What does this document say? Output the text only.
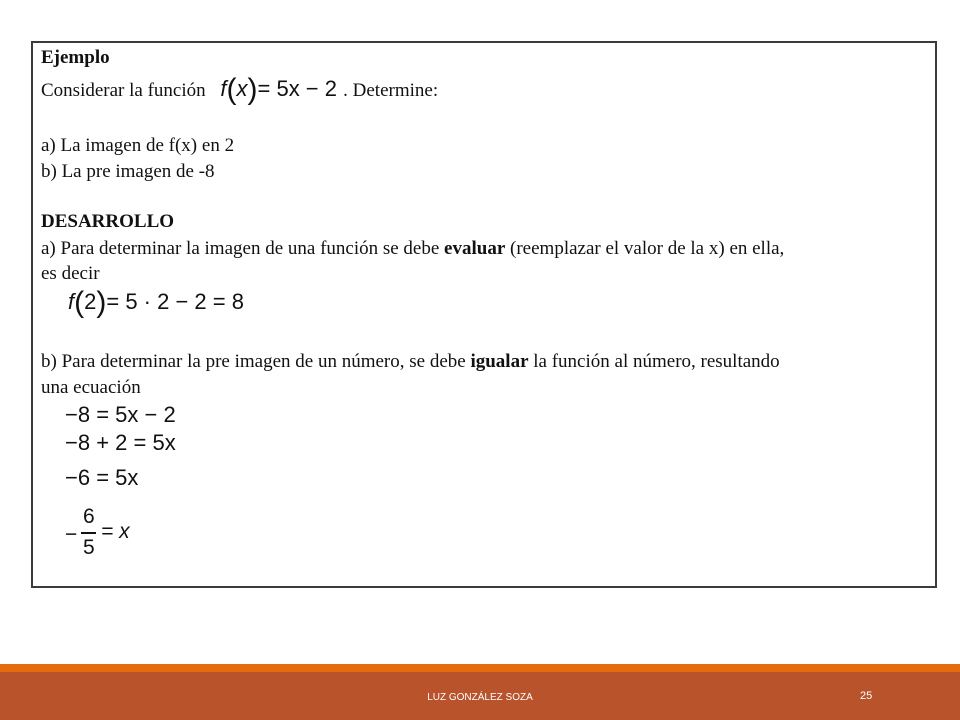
Ejemplo
Considerar la función f(x)= 5x − 2 . Determine:
a) La imagen de f(x) en 2
b) La pre imagen de -8
DESARROLLO
a) Para determinar la imagen de una función se debe evaluar (reemplazar el valor de la x) en ella,
es decir
f(2)= 5 · 2 − 2 = 8
b) Para determinar la pre imagen de un número, se debe igualar la función al número, resultando
una ecuación
−8 = 5x − 2
−8 + 2 = 5x
−6 = 5x
−
6
5
= x
LUZ GONZÁLEZ SOZA	25
